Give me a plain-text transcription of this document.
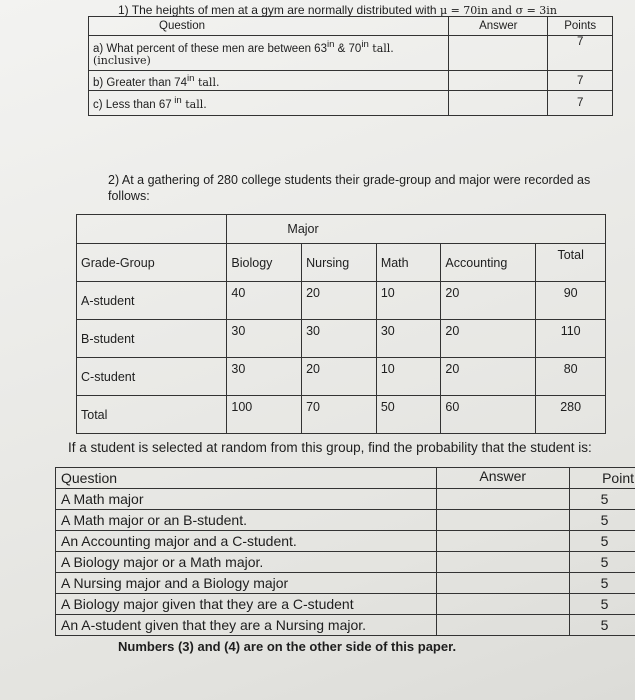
1) The heights of men at a gym are normally distributed with μ = 70in and σ = 3in
Question	Answer	Points

a) What percent of these men are between $63^{in}$ & $70^{in}$ tall.
(inclusive)		7
b) Greater than $74^{in}$ tall.		7
c) Less than 67 $^{in}$ tall.		7
2) At a gathering of 280 college students their grade-group and major were recorded as follows:
	Major				
Grade-Group	Biology	Nursing	Math	Accounting	Total
A-student	40	20	10	20	90
B-student	30	30	30	20	110
C-student	30	20	10	20	80
Total	100	70	50	60	280
If a student is selected at random from this group, find the probability that the student is:
Question	Answer	Point
A Math major		5
A Math major or an B-student.		5
An Accounting major and a C-student.		5
A Biology major or a Math major.		5
A Nursing major and a Biology major		5
A Biology major given that they are a C-student		5
An A-student given that they are a Nursing major.		5
Numbers (3) and (4) are on the other side of this paper.
